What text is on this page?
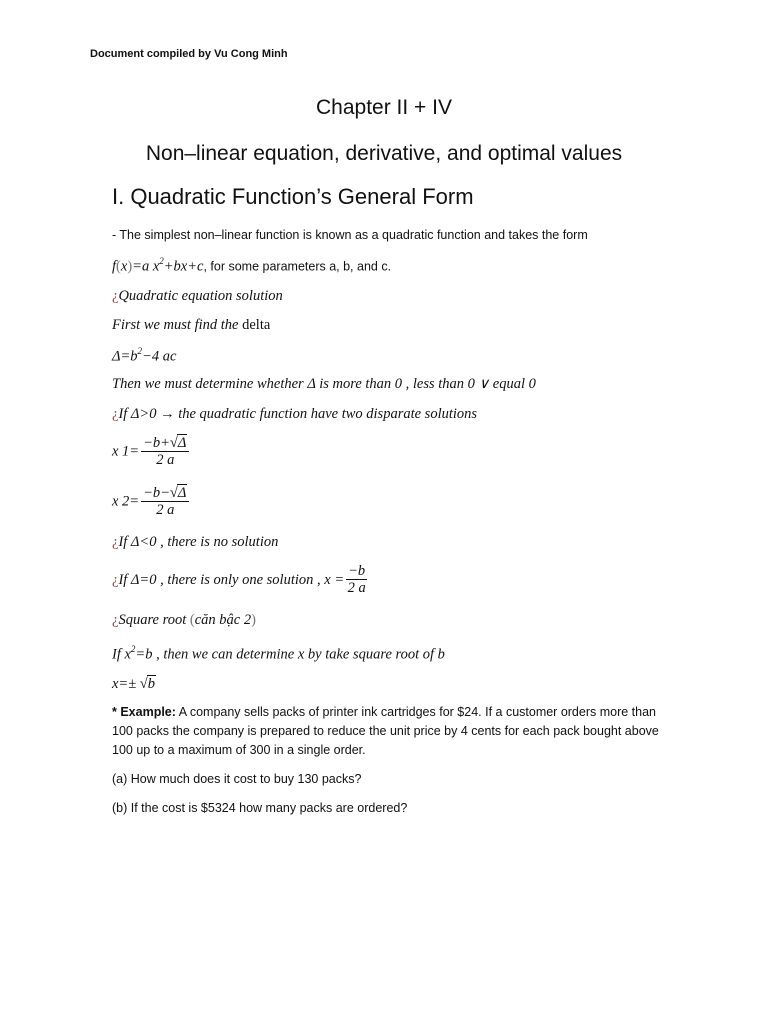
Document compiled by Vu Cong Minh
Chapter II + IV
Non–linear equation, derivative, and optimal values
I. Quadratic Function’s General Form
- The simplest non–linear function is known as a quadratic function and takes the form
f(x)=a $x^2+bx+c$, for some parameters a, b, and c.
¿Quadratic equation solution
First we must find the delta
$\Delta=b^2-4$ ac
Then we must determine whether Δ is more than 0 , less than 0 ∨ equal 0
¿If Δ>0 → the quadratic function have two disparate solutions
x $1= \frac{-b+√\Delta}{2 a}$
x $2= \frac{-b-√\Delta}{2 a}$
¿If Δ<0 , there is no solution
¿If Δ=0 , there is only one solution , $x = \frac{-b}{2 a}$
¿Square root (căn bậc 2)
If $x^2=b$ , then we can determine x by take square root of b
x=± √b
* Example: A company sells packs of printer ink cartridges for $24. If a customer orders more than
100 packs the company is prepared to reduce the unit price by 4 cents for each pack bought above
100 up to a maximum of 300 in a single order.
(a) How much does it cost to buy 130 packs?
(b) If the cost is $5324 how many packs are ordered?
